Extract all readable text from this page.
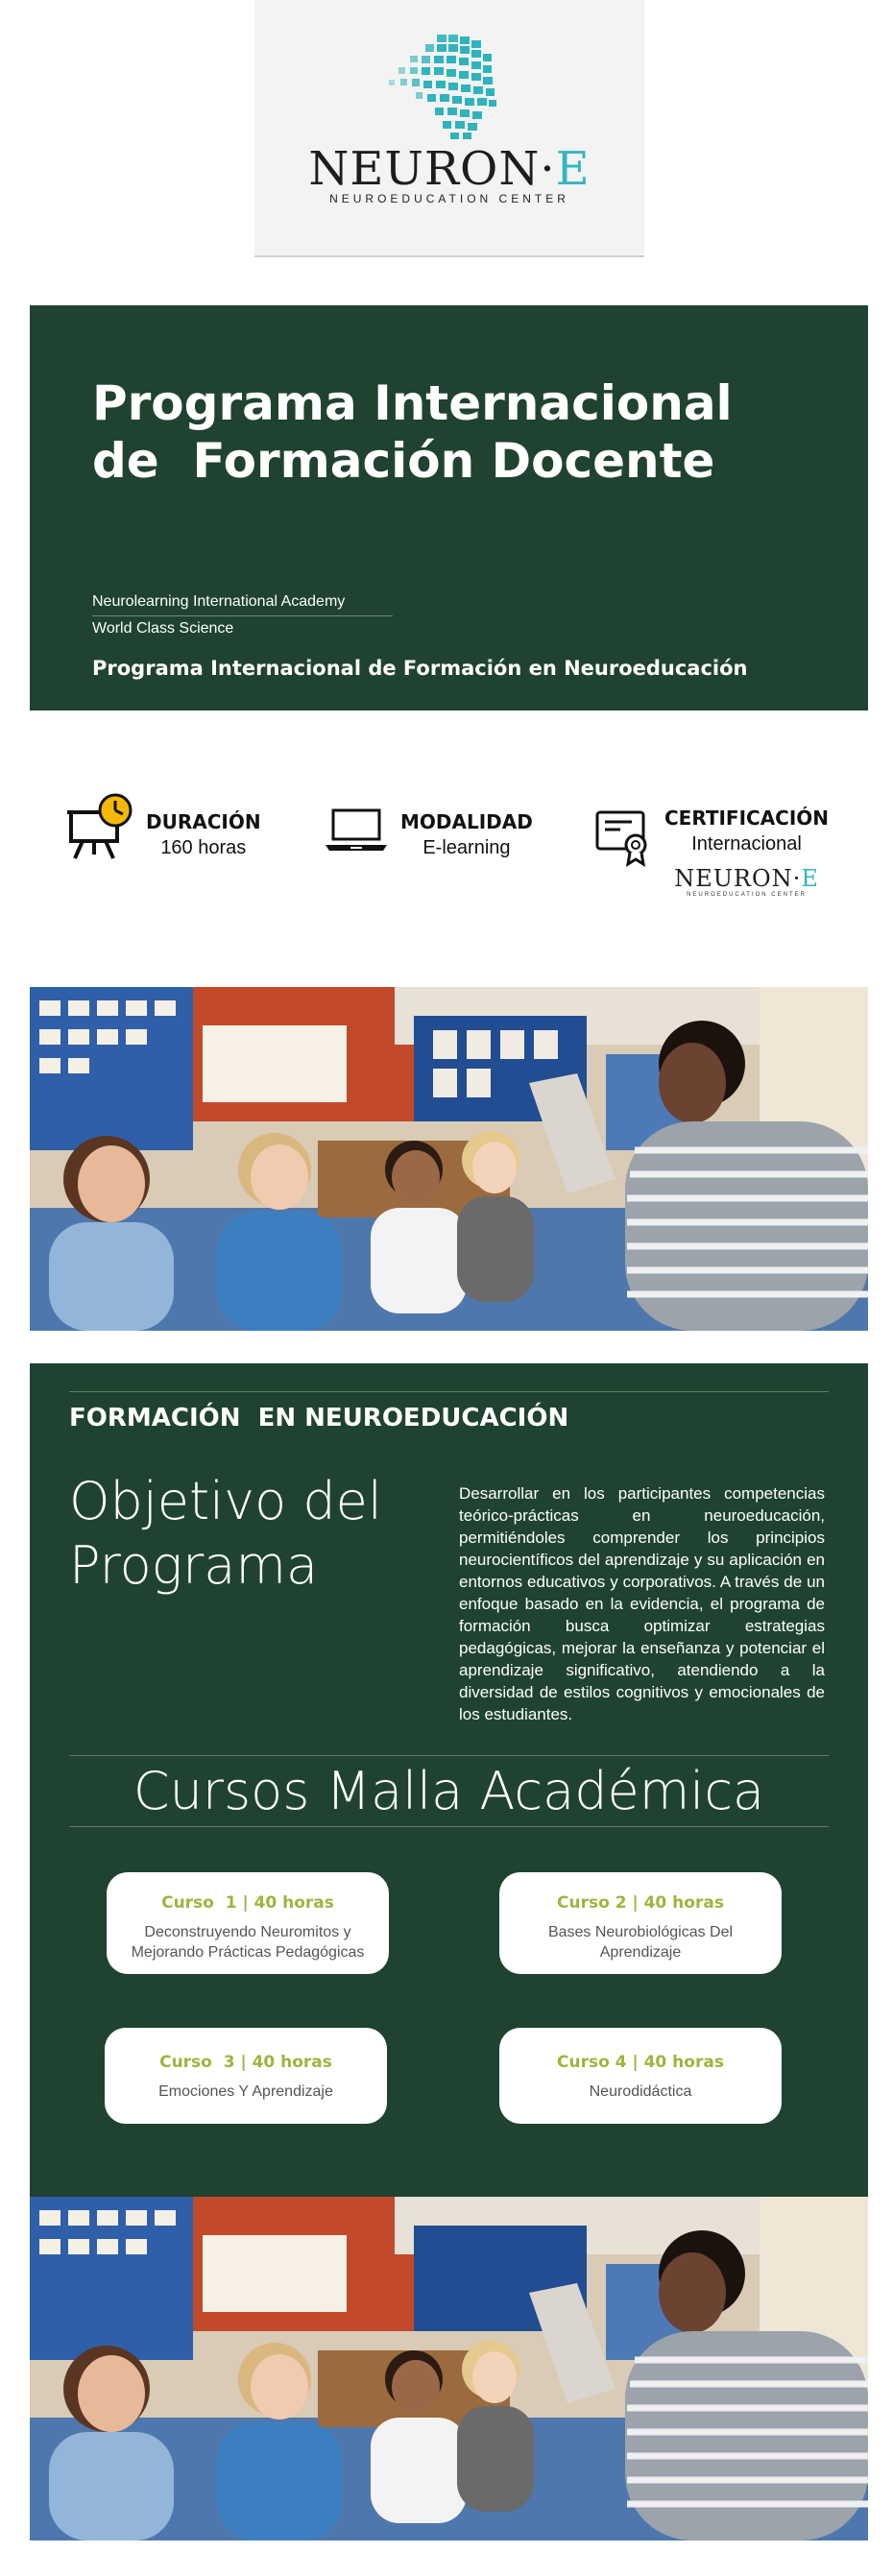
NEURON·E
NEUROEDUCATION CENTER
Programa Internacional
de  Formación Docente
Neurolearning International Academy
World Class Science
Programa Internacional de Formación en Neuroeducación
DURACIÓN
160 horas
MODALIDAD
E-learning
CERTIFICACIÓN
Internacional
NEURON·E
NEUROEDUCATION CENTER
FORMACIÓN  EN NEUROEDUCACIÓN
Objetivo del
Programa

Desarrollar en los participantes competencias teórico-prácticas en neuroeducación, permitiéndoles comprender los principios neurocientíficos del aprendizaje y su aplicación en entornos educativos y corporativos. A través de un enfoque basado en la evidencia, el programa de formación busca optimizar estrategias pedagógicas, mejorar la enseñanza y potenciar el aprendizaje significativo, atendiendo a la diversidad de estilos cognitivos y emocionales de los estudiantes.

Cursos Malla Académica
Curso  1 | 40 horas
Deconstruyendo Neuromitos y
Mejorando Prácticas Pedagógicas
Curso 2 | 40 horas
Bases Neurobiológicas Del
Aprendizaje
Curso  3 | 40 horas
Emociones Y Aprendizaje
Curso 4 | 40 horas
Neurodidáctica
